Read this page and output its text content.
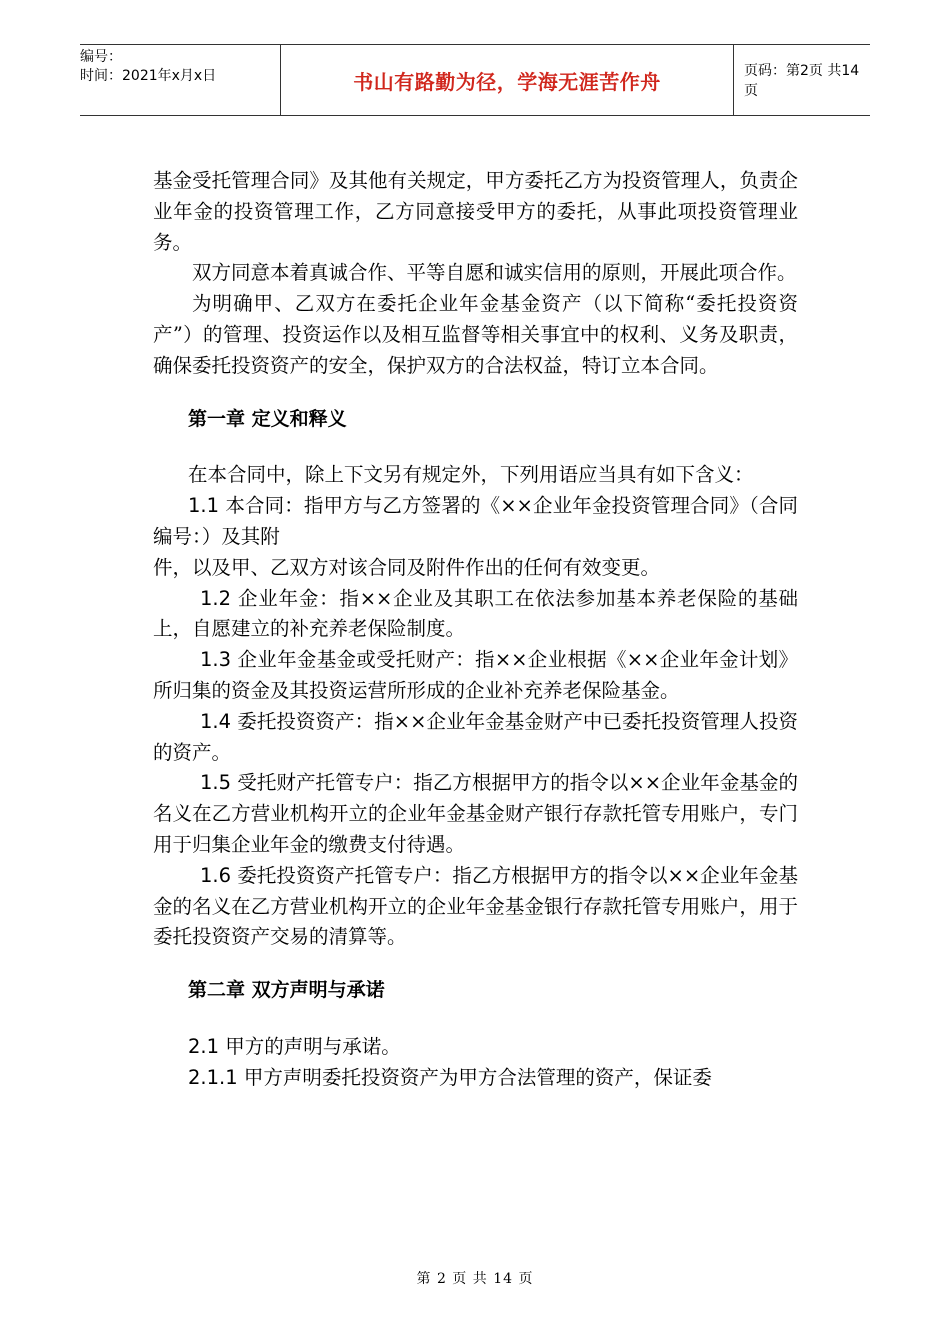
编号：
时间：2021年x月x日	书山有路勤为径，学海无涯苦作舟	页码：第2页 共14页

基金受托管理合同》及其他有关规定，甲方委托乙方为投资管理人，负责企业年金的投资管理工作，乙方同意接受甲方的委托，从事此项投资管理业务。

双方同意本着真诚合作、平等自愿和诚实信用的原则，开展此项合作。

为明确甲、乙双方在委托企业年金基金资产（以下简称“委托投资资产”）的管理、投资运作以及相互监督等相关事宜中的权利、义务及职责，确保委托投资资产的安全，保护双方的合法权益，特订立本合同。

第一章 定义和释义

在本合同中，除上下文另有规定外，下列用语应当具有如下含义：

1.1 本合同：指甲方与乙方签署的《××企业年金投资管理合同》（合同编号：）及其附

件，以及甲、乙双方对该合同及附件作出的任何有效变更。

1.2 企业年金：指××企业及其职工在依法参加基本养老保险的基础上，自愿建立的补充养老保险制度。

1.3 企业年金基金或受托财产：指××企业根据《××企业年金计划》所归集的资金及其投资运营所形成的企业补充养老保险基金。

1.4 委托投资资产：指××企业年金基金财产中已委托投资管理人投资的资产。

1.5 受托财产托管专户：指乙方根据甲方的指令以××企业年金基金的名义在乙方营业机构开立的企业年金基金财产银行存款托管专用账户，专门用于归集企业年金的缴费支付待遇。

1.6 委托投资资产托管专户：指乙方根据甲方的指令以××企业年金基金的名义在乙方营业机构开立的企业年金基金银行存款托管专用账户，用于委托投资资产交易的清算等。

第二章 双方声明与承诺

2.1 甲方的声明与承诺。

2.1.1 甲方声明委托投资资产为甲方合法管理的资产，保证委

第 2 页 共 14 页
